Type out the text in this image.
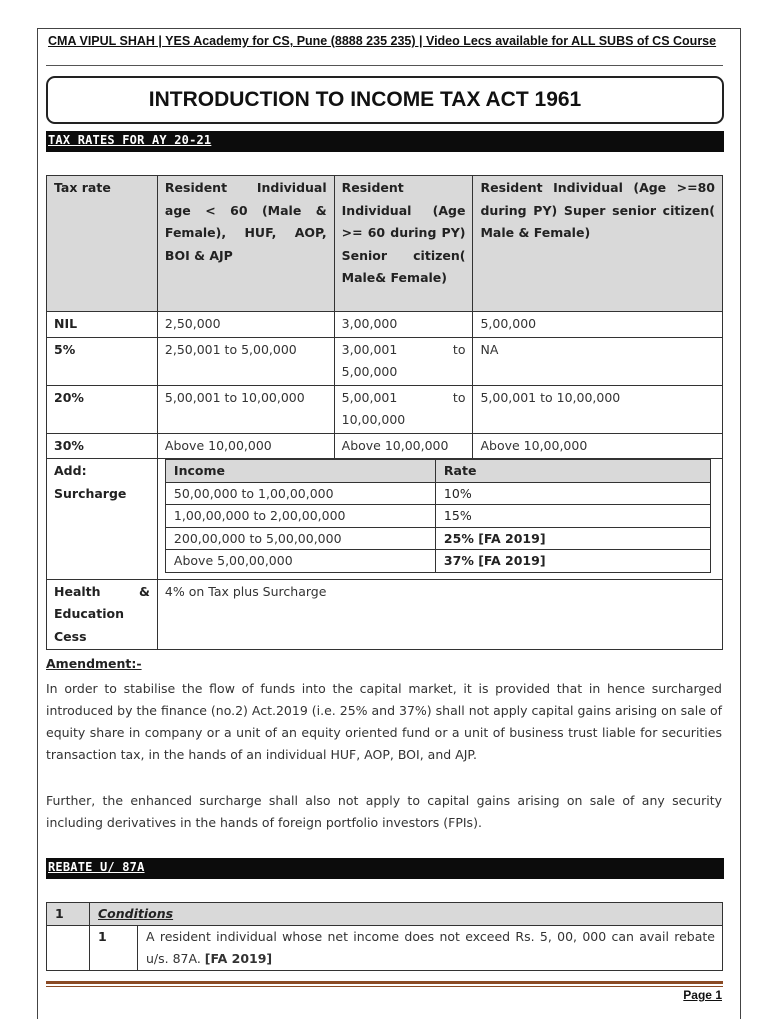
CMA VIPUL SHAH | YES Academy for CS, Pune (8888 235 235) | Video Lecs available for ALL SUBS of CS Course
INTRODUCTION TO INCOME TAX ACT 1961
TAX RATES FOR AY 20-21
Tax rate	Resident Individual age < 60 (Male & Female), HUF, AOP, BOI & AJP	Resident Individual (Age >= 60 during PY) Senior citizen( Male& Female)	Resident Individual (Age >=80 during PY) Super senior citizen( Male & Female)
NIL	2,50,000	3,00,000	5,00,000
5%	2,50,001 to 5,00,000	3,00,001 to 5,00,000	NA
20%	5,00,001 to 10,00,000	5,00,001 to 10,00,000	5,00,001 to 10,00,000
30%	Above 10,00,000	Above 10,00,000	Above 10,00,000

Add:
Surcharge

Income	Rate
50,00,000 to 1,00,00,000	10%
1,00,00,000 to 2,00,00,000	15%
200,00,000 to 5,00,00,000	25% [FA 2019]
Above 5,00,00,000	37% [FA 2019]

Health & Education Cess	4% on Tax plus Surcharge
Amendment:-
In order to stabilise the flow of funds into the capital market, it is provided that in hence surcharged introduced by the finance (no.2) Act.2019 (i.e. 25% and 37%) shall not apply capital gains arising on sale of equity share in company or a unit of an equity oriented fund or a unit of business trust liable for securities transaction tax, in the hands of an individual HUF, AOP, BOI, and AJP.
Further, the enhanced surcharge shall also not apply to capital gains arising on sale of any security including derivatives in the hands of foreign portfolio investors (FPIs).
REBATE U/ 87A
1	Conditions	
	1	A resident individual whose net income does not exceed Rs. 5, 00, 000 can avail rebate u/s. 87A. [FA 2019]
Page 1
